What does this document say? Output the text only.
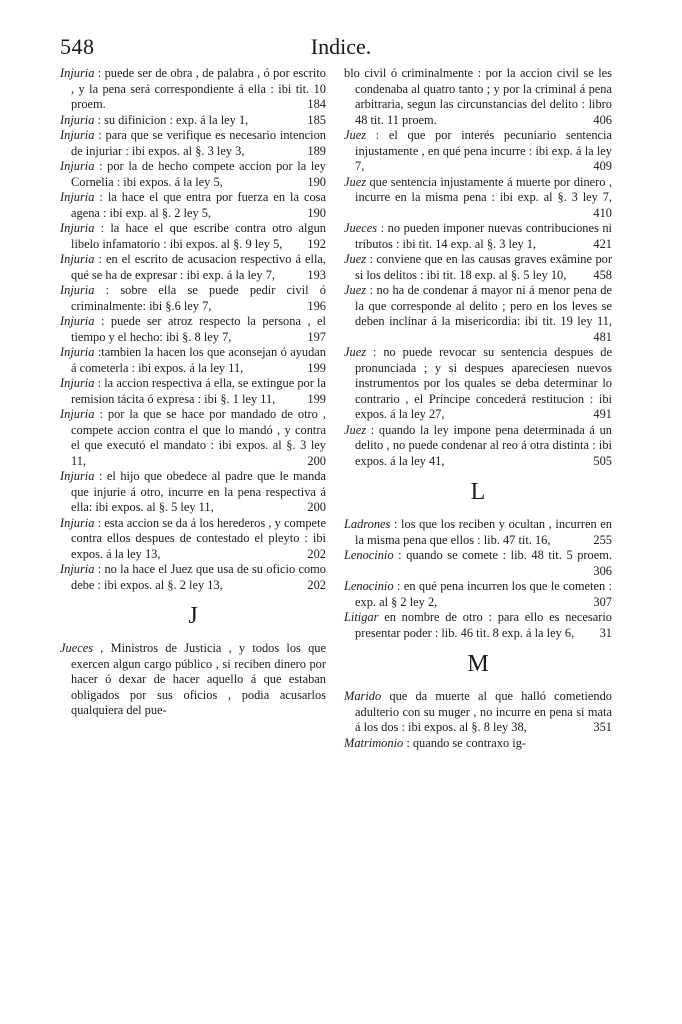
548	Indice.

Injuria : puede ser de obra , de palabra , ó por escrito , y la pena será correspondiente á ella : ibi tit. 10 proem.	184

Injuria : su difinicion : exp. á la ley 1,	185

Injuria : para que se verifique es necesario intencion de injuriar : ibi expos. al §. 3 ley 3,	189

Injuria : por la de hecho compete accion por la ley Cornelia : ibi expos. á la ley 5,	190

Injuria : la hace el que entra por fuerza en la cosa agena : ibi exp. al §. 2 ley 5,	190

Injuria : la hace el que escribe contra otro algun libelo infamatorio : ibi expos. al §. 9 ley 5, 192

Injuria : en el escrito de acusacion respectivo á ella, qué se ha de expresar : ibi exp. á la ley 7,	193

Injuria : sobre ella se puede pedir civil ó criminalmente: ibi §.6 ley 7,	196

Injuria : puede ser atroz respecto la persona , el tiempo y el hecho: ibi §. 8 ley 7,	197

Injuria :tambien la hacen los que aconsejan ó ayudan á cometerla : ibi expos. á la ley 11,	199

Injuria : la accion respectiva á ella, se extingue por la remision tácita ó expresa : ibi §. 1 ley 11,	199

Injuria : por la que se hace por mandado de otro , compete accion contra el que lo mandó , y contra el que executó el mandato : ibi expos. al §. 3 ley 11,	200

Injuria : el hijo que obedece al padre que le manda que injurie á otro, incurre en la pena respectiva á ella: ibi expos. al §. 5 ley 11,	200

Injuria : esta accion se da á los herederos , y compete contra ellos despues de contestado el pleyto : ibi expos. á la ley 13,	202

Injuria : no la hace el Juez que usa de su oficio como debe : ibi expos. al §. 2 ley 13,	202

J

Jueces , Ministros de Justicia , y todos los que exercen algun cargo público , si reciben dinero por hacer ó dexar de hacer aquello á que estaban obligados por sus oficios , podia acusarlos qualquiera del pue-

blo civil ó criminalmente : por la accion civil se les condenaba al quatro tanto ; y por la criminal á pena arbitraria, segun las circunstancias del delito : libro 48 tit. 11 proem.	406

Juez : el que por interés pecuniario sentencia injustamente , en qué pena incurre : ibi exp. á la ley 7,	409

Juez que sentencia injustamente á muerte por dinero , incurre en la misma pena : ibi exp. al §. 3 ley 7,
410

Jueces : no pueden imponer nuevas contribuciones ni tributos : ibi tit. 14 exp. al §. 3 ley 1,	421

Juez : conviene que en las causas graves exâmine por si los delitos : ibi tit. 18 exp. al §. 5 ley 10, 458

Juez : no ha de condenar á mayor ni á menor pena de la que corresponde al delito ; pero en los leves se deben inclinar á la misericordia: ibi tit. 19 ley 11,
481

Juez : no puede revocar su sentencia despues de pronunciada ; y si despues apareciesen nuevos instrumentos por los quales se deba determinar lo contrario , el Príncipe concederá restitucion : ibi expos. á la ley 27,	491

Juez : quando la ley impone pena determinada á un delito , no puede condenar al reo á otra distinta : ibi expos. á la ley 41,	505

L

Ladrones : los que los reciben y ocultan , incurren en la misma pena que ellos : lib. 47 tit. 16,	255

Lenocinio : quando se comete : lib. 48 tit. 5 proem.
306

Lenocinio : en qué pena incurren los que le cometen : exp. al § 2 ley 2,	307

Litigar en nombre de otro : para ello es necesario presentar poder : lib. 46 tit. 8 exp. á la ley 6, 31

M

Marido que da muerte al que halló cometiendo adulterio con su muger , no incurre en pena si mata á los dos : ibi expos. al §. 8 ley 38,	351

Matrimonio : quando se contraxo ig-
